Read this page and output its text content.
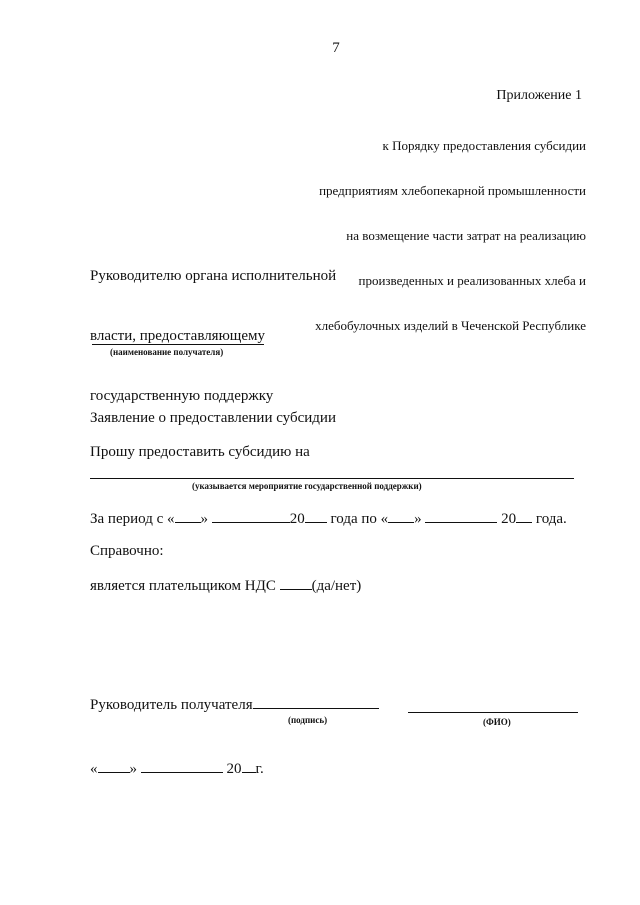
7
Приложение 1

к Порядку предоставления субсидии

предприятиям хлебопекарной промышленности

на возмещение части затрат на реализацию

произведенных и реализованных хлеба и

хлебобулочных изделий в Чеченской Республике

Руководителю органа исполнительной

власти, предоставляющему

государственную поддержку

(наименование получателя)
Заявление о предоставлении субсидии
Прошу предоставить субсидию на
(указывается мероприятие государственной поддержки)
За период с « »	20 года по « »	20 года.
Справочно:
является плательщиком НДС (да/нет)
Руководитель получателя
(подпись)	(ФИО)
« »	20 г.
